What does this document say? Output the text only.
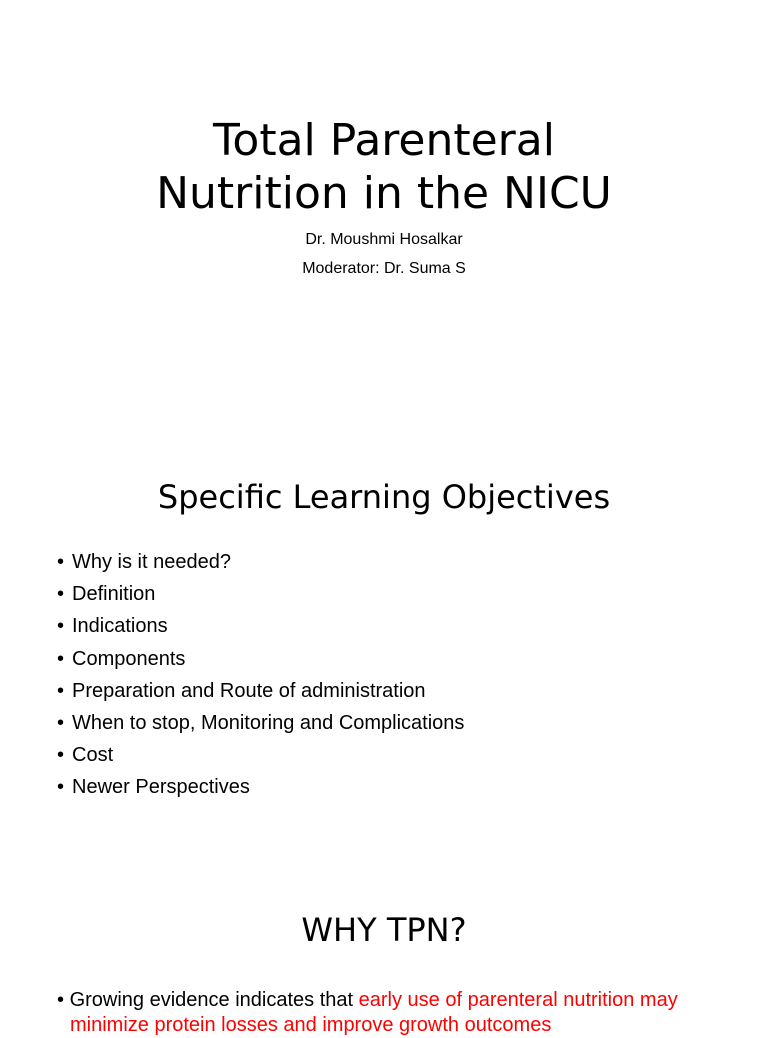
Total Parenteral
Nutrition in the NICU
Dr. Moushmi Hosalkar
Moderator: Dr. Suma S
Specific Learning Objectives
• Why is it needed?
• Definition
• Indications
• Components
• Preparation and Route of administration
• When to stop, Monitoring and Complications
• Cost
• Newer Perspectives
WHY TPN?
• Growing evidence indicates that early use of parenteral nutrition may minimize protein losses and improve growth outcomes
